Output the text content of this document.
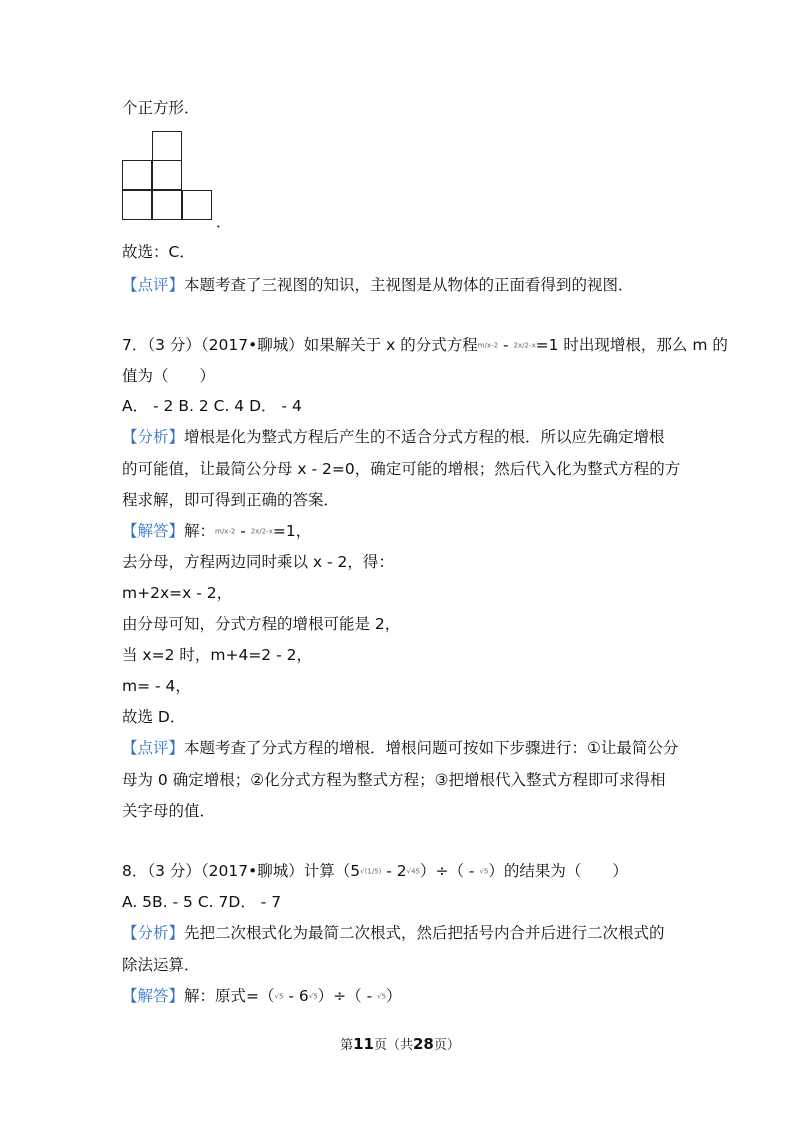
个正方形．
．
故选：C．
【点评】本题考查了三视图的知识，主视图是从物体的正面看得到的视图．
7．（3 分）（2017•聊城）如果解关于 x 的分式方程m/x-2 - 2x/2-x=1 时出现增根，那么 m 的
值为（　　）
A． - 2 B. 2 C. 4 D． - 4
【分析】增根是化为整式方程后产生的不适合分式方程的根．所以应先确定增根
的可能值，让最简公分母 x - 2=0，确定可能的增根；然后代入化为整式方程的方
程求解，即可得到正确的答案．
【解答】解：m/x-2 - 2x/2-x=1，
去分母，方程两边同时乘以 x - 2，得：
m+2x=x - 2，
由分母可知，分式方程的增根可能是 2，
当 x=2 时，m+4=2 - 2，
m= - 4，
故选 D．
【点评】本题考查了分式方程的增根．增根问题可按如下步骤进行：①让最简公分
母为 0 确定增根；②化分式方程为整式方程；③把增根代入整式方程即可求得相
关字母的值．
8．（3 分）（2017•聊城）计算（5√(1/5) - 2√45）÷（ - √5）的结果为（　　）
A. 5B. - 5 C. 7D． - 7
【分析】先把二次根式化为最简二次根式，然后把括号内合并后进行二次根式的
除法运算．
【解答】解：原式=（√5 - 6√5）÷（ - √5）
第11页（共28页）
